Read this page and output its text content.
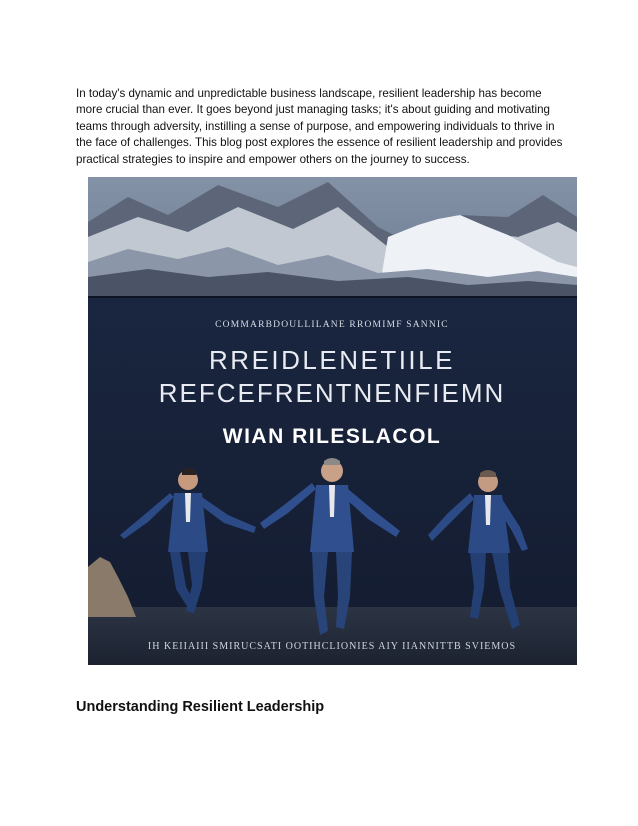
In today's dynamic and unpredictable business landscape, resilient leadership has become more crucial than ever. It goes beyond just managing tasks; it's about guiding and motivating teams through adversity, instilling a sense of purpose, and empowering individuals to thrive in the face of challenges. This blog post explores the essence of resilient leadership and provides practical strategies to inspire and empower others on the journey to success.

COMMARBDOULLILANE RROMIMF SANNIC
RREIDLENETIILE
REFCEFRENTNENFIEMN
WIAN RILESLACOL
IH KEIIAIII SMIRUCSATI OOTIHCLIONIES AIY IIANNITTB SVIEMOS
Understanding Resilient Leadership
